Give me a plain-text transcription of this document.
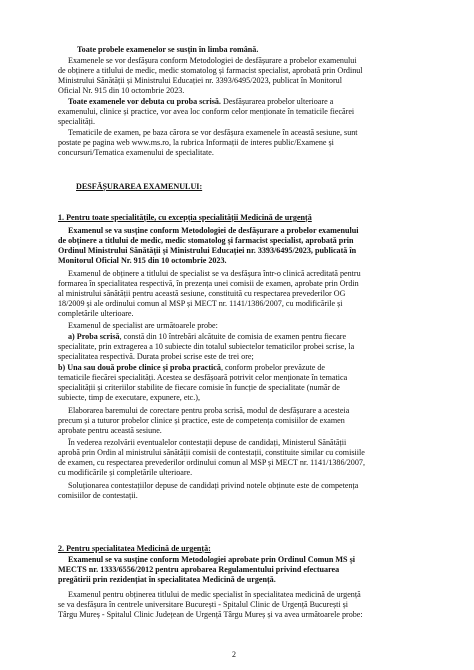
Toate probele examenelor se susțin în limba română.
Examenele se vor desfășura conform Metodologiei de desfășurare a probelor examenului
de obținere a titlului de medic, medic stomatolog și farmacist specialist, aprobată prin Ordinul
Ministrului Sănătății și Ministrului Educației nr. 3393/6495/2023, publicat în Monitorul
Oficial Nr. 915 din 10 octombrie 2023.
Toate examenele vor debuta cu proba scrisă. Desfășurarea probelor ulterioare a
examenului, clinice și practice, vor avea loc conform celor menționate în tematicile fiecărei
specialități.
Tematicile de examen, pe baza cărora se vor desfășura examenele în această sesiune, sunt
postate pe pagina web www.ms.ro, la rubrica Informații de interes public/Examene și
concursuri/Tematica examenului de specialitate.
DESFĂȘURAREA EXAMENULUI:
1. Pentru toate specialitățile, cu excepția specialității Medicină de urgență
Examenul se va susține conform Metodologiei de desfășurare a probelor examenului
de obținere a titlului de medic, medic stomatolog și farmacist specialist, aprobată prin
Ordinul Ministrului Sănătății și Ministrului Educației nr. 3393/6495/2023, publicată în
Monitorul Oficial Nr. 915 din 10 octombrie 2023.
Examenul de obținere a titlului de specialist se va desfășura într-o clinică acreditată pentru
formarea în specialitatea respectivă, în prezența unei comisii de examen, aprobate prin Ordin
al ministrului sănătății pentru această sesiune, constituită cu respectarea prevederilor OG
18/2009 și ale ordinului comun al MSP și MECT nr. 1141/1386/2007, cu modificările și
completările ulterioare.
Examenul de specialist are următoarele probe:
a) Proba scrisă, constă din 10 întrebări alcătuite de comisia de examen pentru fiecare
specialitate, prin extragerea a 10 subiecte din totalul subiectelor tematicilor probei scrise, la
specialitatea respectivă. Durata probei scrise este de trei ore;
b) Una sau două probe clinice și proba practică, conform probelor prevăzute de
tematicile fiecărei specialități. Acestea se desfășoară potrivit celor menționate în tematica
specialității și criteriilor stabilite de fiecare comisie în funcție de specialitate (număr de
subiecte, timp de executare, expunere, etc.),
Elaborarea baremului de corectare pentru proba scrisă, modul de desfășurare a acesteia
precum și a tuturor probelor clinice și practice, este de competența comisiilor de examen
aprobate pentru această sesiune.
În vederea rezolvării eventualelor contestații depuse de candidați, Ministerul Sănătății
aprobă prin Ordin al ministrului sănătății comisii de contestații, constituite similar cu comisiile
de examen, cu respectarea prevederilor ordinului comun al MSP și MECT nr. 1141/1386/2007,
cu modificările și completările ulterioare.
Soluționarea contestațiilor depuse de candidați privind notele obținute este de competența
comisiilor de contestații.
2. Pentru specialitatea Medicină de urgență:
Examenul se va susține conform Metodologiei aprobate prin Ordinul Comun MS și
MECTS nr. 1333/6556/2012 pentru aprobarea Regulamentului privind efectuarea
pregătirii prin rezidențiat în specialitatea Medicină de urgență.
Examenul pentru obținerea titlului de medic specialist în specialitatea medicină de urgență
se va desfășura în centrele universitare București - Spitalul Clinic de Urgență București și
Târgu Mureș - Spitalul Clinic Județean de Urgență Târgu Mureș și va avea următoarele probe:
2
